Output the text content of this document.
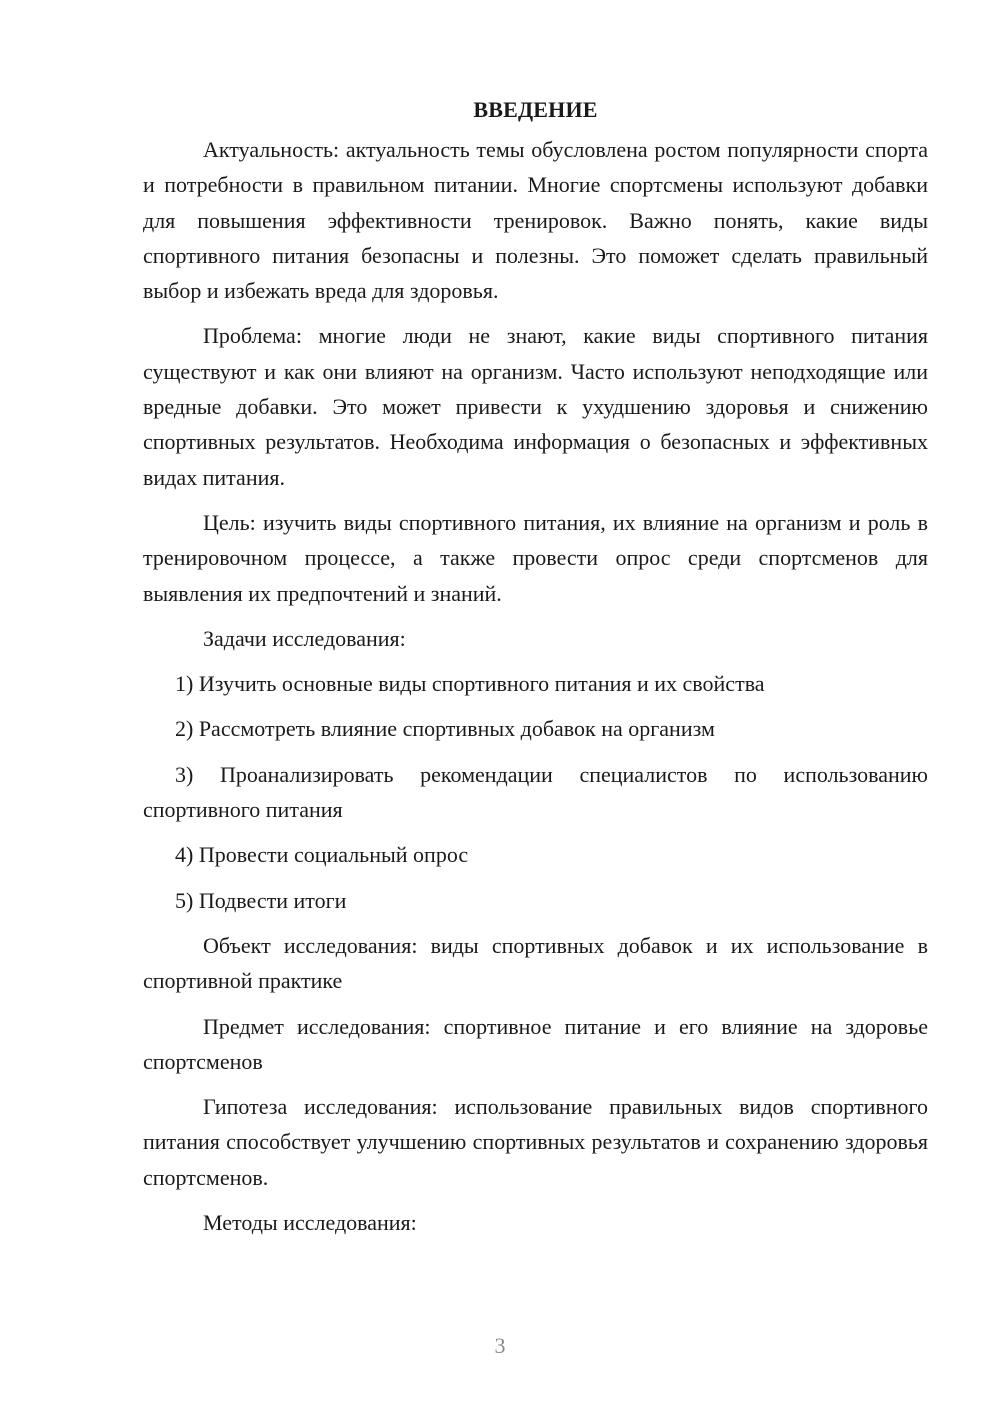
ВВЕДЕНИЕ

Актуальность: актуальность темы обусловлена ростом популярности спорта и потребности в правильном питании. Многие спортсмены используют добавки для повышения эффективности тренировок. Важно понять, какие виды спортивного питания безопасны и полезны. Это поможет сделать правильный выбор и избежать вреда для здоровья.

Проблема: многие люди не знают, какие виды спортивного питания существуют и как они влияют на организм. Часто используют неподходящие или вредные добавки. Это может привести к ухудшению здоровья и снижению спортивных результатов. Необходима информация о безопасных и эффективных видах питания.

Цель: изучить виды спортивного питания, их влияние на организм и роль в тренировочном процессе, а также провести опрос среди спортсменов для выявления их предпочтений и знаний.

Задачи исследования:

1) Изучить основные виды спортивного питания и их свойства

2) Рассмотреть влияние спортивных добавок на организм

3) Проанализировать рекомендации специалистов по использованию спортивного питания

4) Провести социальный опрос

5) Подвести итоги

Объект исследования: виды спортивных добавок и их использование в спортивной практике

Предмет исследования: спортивное питание и его влияние на здоровье спортсменов

Гипотеза исследования: использование правильных видов спортивного питания способствует улучшению спортивных результатов и сохранению здоровья спортсменов.

Методы исследования:

3
